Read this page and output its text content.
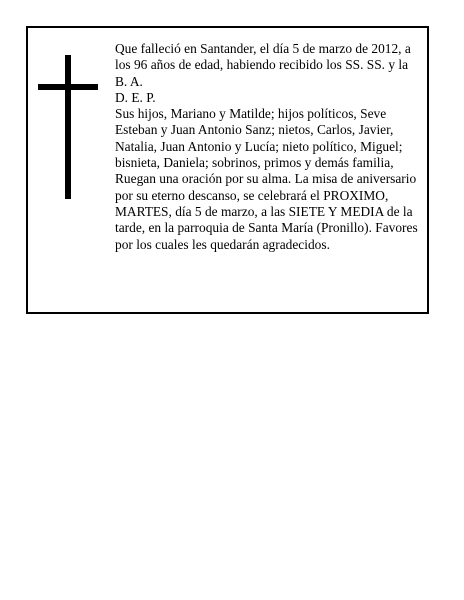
Que falleció en Santander, el día 5 de marzo de 2012, a los 96 años de edad, habiendo recibido los SS. SS. y la B. A.

D. E. P.

Sus hijos, Mariano y Matilde; hijos políticos, Seve Esteban y Juan Antonio Sanz; nietos, Carlos, Javier, Natalia, Juan Antonio y Lucía; nieto político, Miguel; bisnieta, Daniela; sobrinos, primos y demás familia, Ruegan una oración por su alma. La misa de aniversario por su eterno descanso, se celebrará el PROXIMO, MARTES, día 5 de marzo, a las SIETE Y MEDIA de la tarde, en la parroquia de Santa María (Pronillo). Favores por los cuales les quedarán agradecidos.
